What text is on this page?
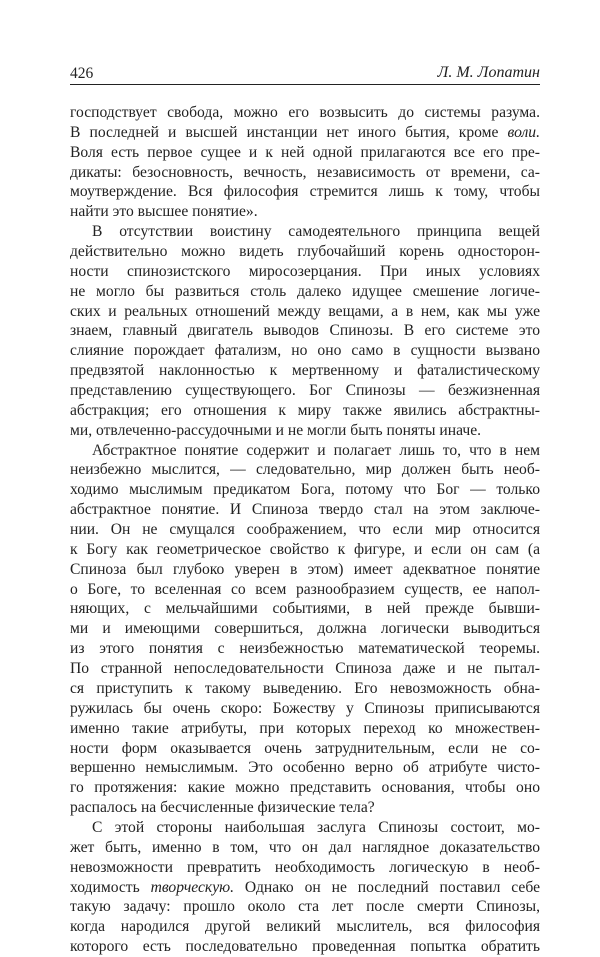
426	Л. М. Лопатин
господствует свобода, можно его возвысить до системы разума.
В последней и высшей инстанции нет иного бытия, кроме воли.
Воля есть первое сущее и к ней одной прилагаются все его пре-
дикаты: безосновность, вечность, независимость от времени, са-
моутверждение. Вся философия стремится лишь к тому, чтобы
найти это высшее понятие».
В отсутствии воистину самодеятельного принципа вещей
действительно можно видеть глубочайший корень односторон-
ности спинозистского миросозерцания. При иных условиях
не могло бы развиться столь далеко идущее смешение логиче-
ских и реальных отношений между вещами, а в нем, как мы уже
знаем, главный двигатель выводов Спинозы. В его системе это
слияние порождает фатализм, но оно само в сущности вызвано
предвзятой наклонностью к мертвенному и фаталистическому
представлению существующего. Бог Спинозы — безжизненная
абстракция; его отношения к миру также явились абстрактны-
ми, отвлеченно-рассудочными и не могли быть поняты иначе.
Абстрактное понятие содержит и полагает лишь то, что в нем
неизбежно мыслится, — следовательно, мир должен быть необ-
ходимо мыслимым предикатом Бога, потому что Бог — только
абстрактное понятие. И Спиноза твердо стал на этом заключе-
нии. Он не смущался соображением, что если мир относится
к Богу как геометрическое свойство к фигуре, и если он сам (а
Спиноза был глубоко уверен в этом) имеет адекватное понятие
о Боге, то вселенная со всем разнообразием существ, ее напол-
няющих, с мельчайшими событиями, в ней прежде бывши-
ми и имеющими совершиться, должна логически выводиться
из этого понятия с неизбежностью математической теоремы.
По странной непоследовательности Спиноза даже и не пытал-
ся приступить к такому выведению. Его невозможность обна-
ружилась бы очень скоро: Божеству у Спинозы приписываются
именно такие атрибуты, при которых переход ко множествен-
ности форм оказывается очень затруднительным, если не со-
вершенно немыслимым. Это особенно верно об атрибуте чисто-
го протяжения: какие можно представить основания, чтобы оно
распалось на бесчисленные физические тела?
С этой стороны наибольшая заслуга Спинозы состоит, мо-
жет быть, именно в том, что он дал наглядное доказательство
невозможности превратить необходимость логическую в необ-
ходимость творческую. Однако он не последний поставил себе
такую задачу: прошло около ста лет после смерти Спинозы,
когда народился другой великий мыслитель, вся философия
которого есть последовательно проведенная попытка обратить
